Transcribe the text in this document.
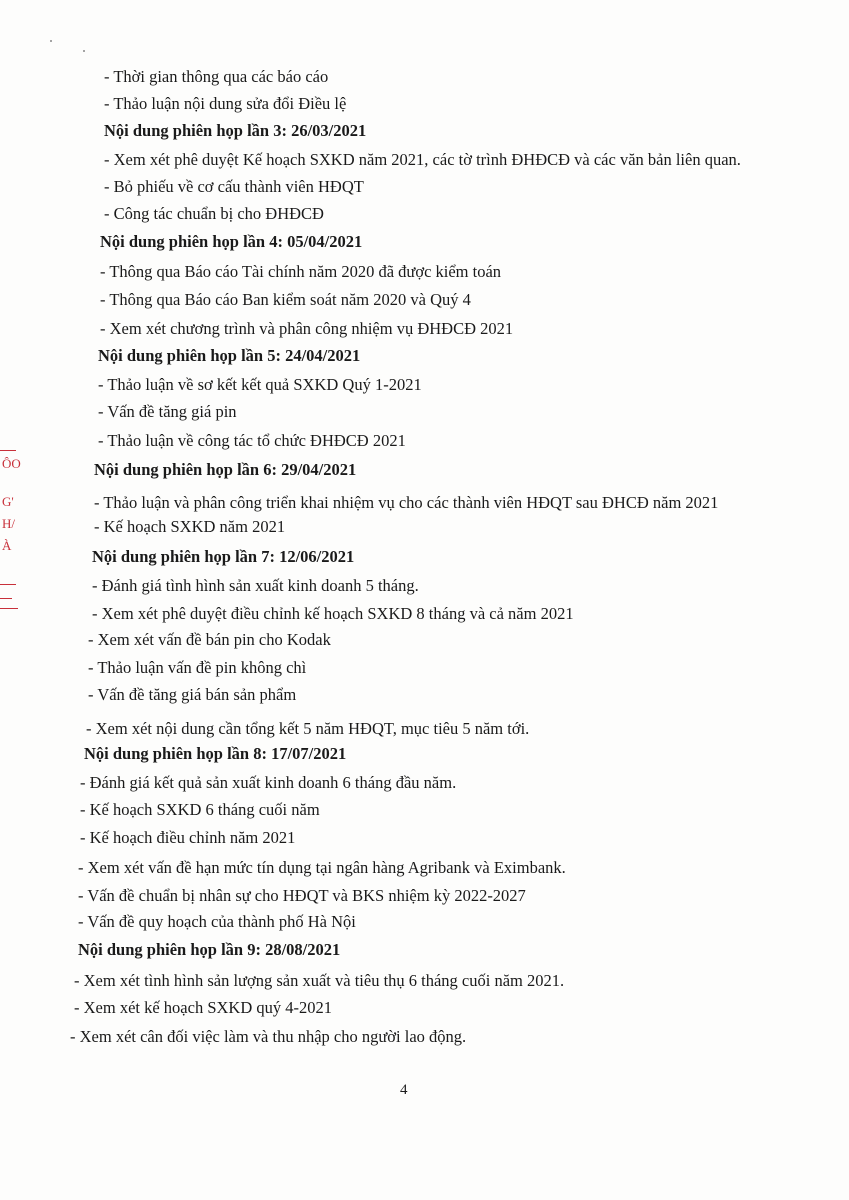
- Thời gian thông qua các báo cáo
- Thảo luận nội dung sửa đổi Điều lệ
Nội dung phiên họp lần 3: 26/03/2021
- Xem xét phê duyệt Kế hoạch SXKD năm 2021, các tờ trình ĐHĐCĐ và các văn bản liên quan.
- Bỏ phiếu về cơ cấu thành viên HĐQT
- Công tác chuẩn bị cho ĐHĐCĐ
Nội dung phiên họp lần 4: 05/04/2021
- Thông qua Báo cáo Tài chính năm 2020 đã được kiểm toán
- Thông qua Báo cáo Ban kiểm soát năm 2020 và Quý 4
- Xem xét chương trình và phân công nhiệm vụ ĐHĐCĐ 2021
Nội dung phiên họp lần 5: 24/04/2021
- Thảo luận về sơ kết kết quả SXKD Quý 1-2021
- Vấn đề tăng giá pin
- Thảo luận về công tác tổ chức ĐHĐCĐ 2021
Nội dung phiên họp lần 6: 29/04/2021
- Thảo luận và phân công triển khai nhiệm vụ cho các thành viên HĐQT sau ĐHCĐ năm 2021
- Kế hoạch SXKD năm 2021
Nội dung phiên họp lần 7: 12/06/2021
- Đánh giá tình hình sản xuất kinh doanh 5 tháng.
- Xem xét phê duyệt điều chỉnh kế hoạch SXKD 8 tháng và cả năm 2021
- Xem xét vấn đề bán pin cho Kodak
- Thảo luận vấn đề pin không chì
- Vấn đề tăng giá bán sản phẩm
- Xem xét nội dung cần tổng kết 5 năm HĐQT, mục tiêu 5 năm tới.
Nội dung phiên họp lần 8: 17/07/2021
- Đánh giá kết quả sản xuất kinh doanh 6 tháng đầu năm.
- Kế hoạch SXKD 6 tháng cuối năm
- Kế hoạch điều chỉnh năm 2021
- Xem xét vấn đề hạn mức tín dụng tại ngân hàng Agribank và Eximbank.
- Vấn đề chuẩn bị nhân sự cho HĐQT và BKS nhiệm kỳ 2022-2027
- Vấn đề quy hoạch của thành phố Hà Nội
Nội dung phiên họp lần 9: 28/08/2021
- Xem xét tình hình sản lượng sản xuất và tiêu thụ 6 tháng cuối năm 2021.
- Xem xét kế hoạch SXKD quý 4-2021
- Xem xét cân đối việc làm và thu nhập cho người lao động.
ÔO
G'
H/
À
4
